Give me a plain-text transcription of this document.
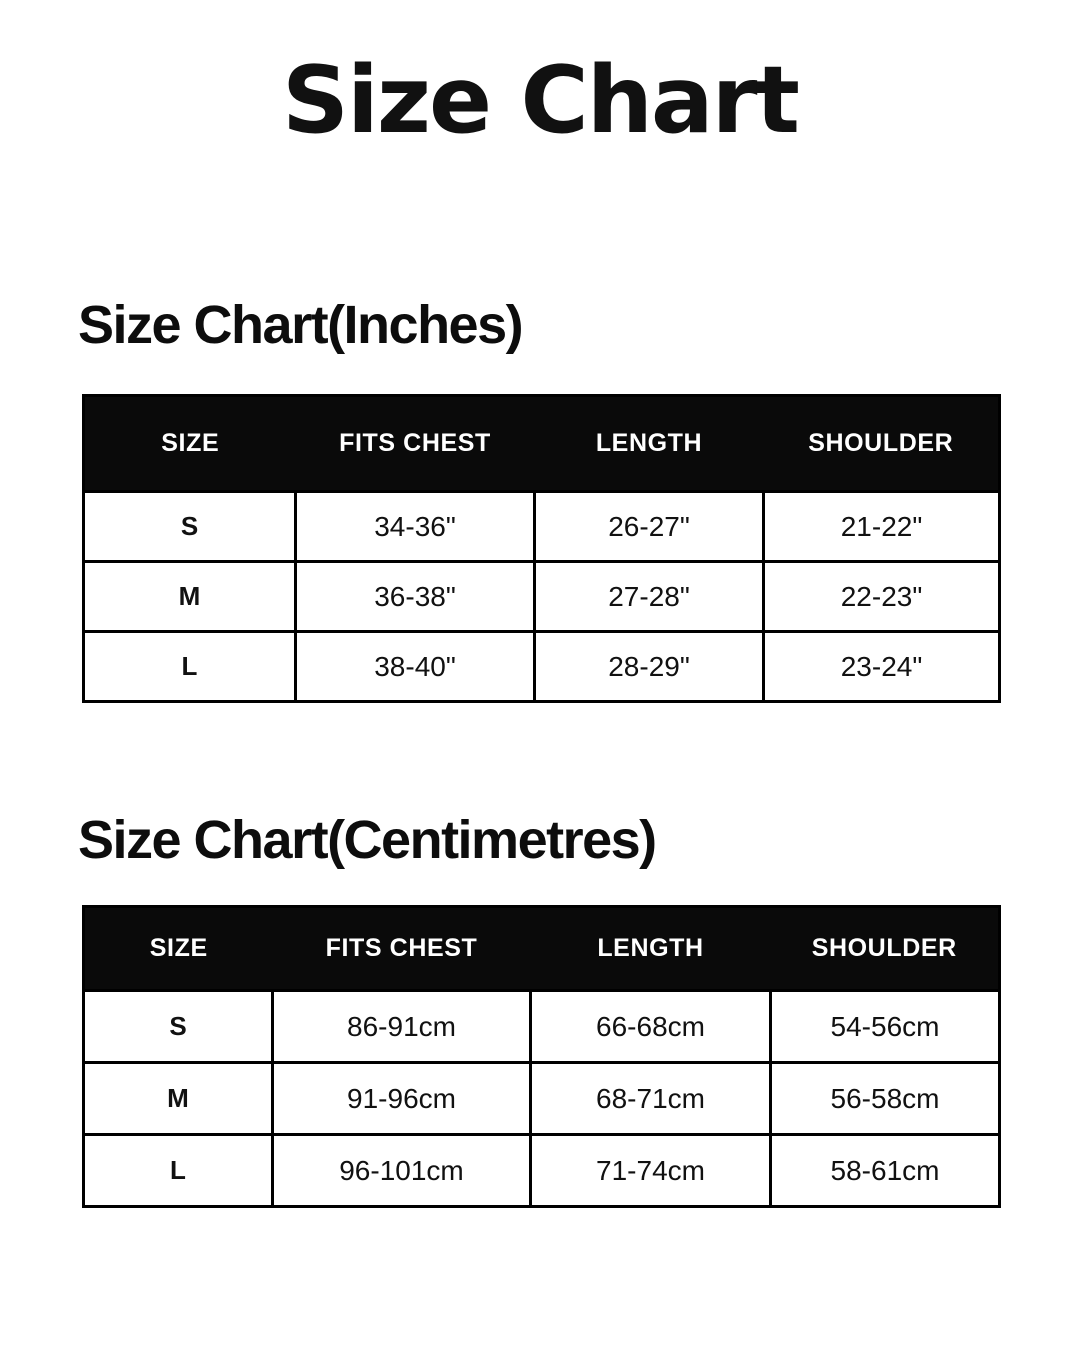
Size Chart
Size Chart(Inches)
SIZE	FITS CHEST	LENGTH	SHOULDER
S	34-36"	26-27"	21-22"
M	36-38"	27-28"	22-23"
L	38-40"	28-29"	23-24"
Size Chart(Centimetres)
SIZE	FITS CHEST	LENGTH	SHOULDER
S	86-91cm	66-68cm	54-56cm
M	91-96cm	68-71cm	56-58cm
L	96-101cm	71-74cm	58-61cm
